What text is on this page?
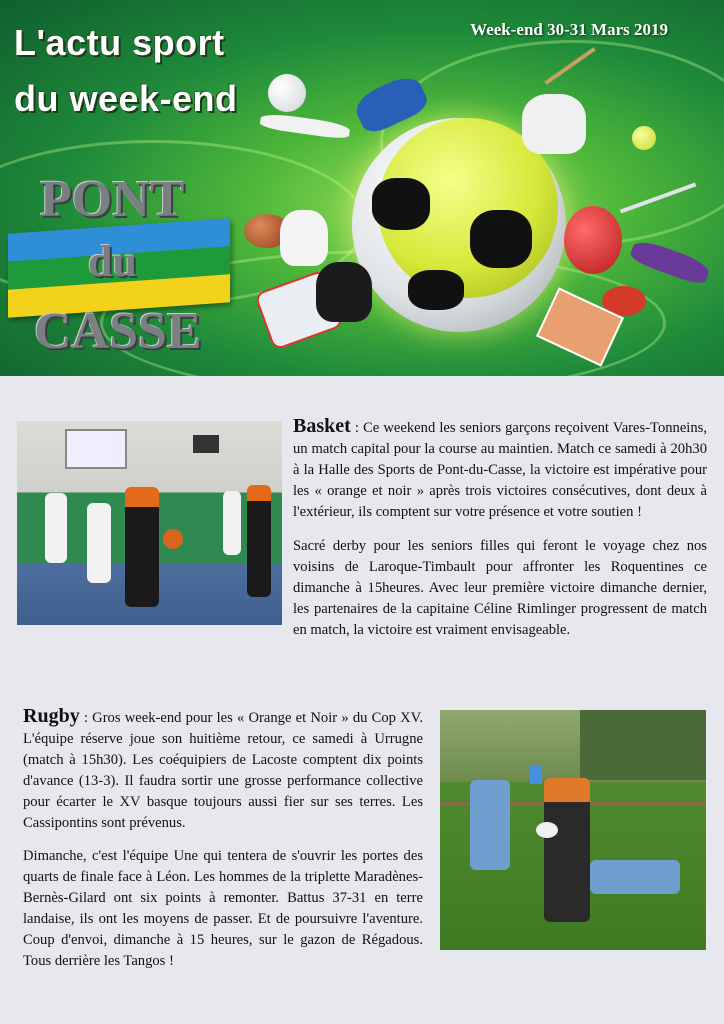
L'actu sport
du week-end
Week-end 30-31 Mars 2019
PONT
du
CASSE

Basket : Ce weekend les seniors garçons reçoivent Vares-Tonneins, un match capital pour la course au maintien. Match ce samedi à 20h30 à la Halle des Sports de Pont-du-Casse, la victoire est impérative pour les « orange et noir » après trois victoires consécutives, dont deux à l'extérieur, ils comptent sur votre présence et votre soutien !

Sacré derby pour les seniors filles qui feront le voyage chez nos voisins de Laroque-Timbault pour affronter les Roquentines ce dimanche à 15heures. Avec leur première victoire dimanche dernier, les partenaires de la capitaine Céline Rimlinger progressent de match en match, la victoire est vraiment envisageable.

Rugby : Gros week-end pour les « Orange et Noir » du Cop XV. L'équipe réserve joue son huitième retour, ce samedi à Urrugne (match à 15h30). Les coéquipiers de Lacoste comptent dix points d'avance (13-3). Il faudra sortir une grosse performance collective pour écarter le XV basque toujours aussi fier sur ses terres. Les Cassipontins sont prévenus.

Dimanche, c'est l'équipe Une qui tentera de s'ouvrir les portes des quarts de finale face à Léon. Les hommes de la triplette Maradènes-Bernès-Gilard ont six points à remonter. Battus 37-31 en terre landaise, ils ont les moyens de passer. Et de poursuivre l'aventure. Coup d'envoi, dimanche à 15 heures, sur le gazon de Régadous. Tous derrière les Tangos !
